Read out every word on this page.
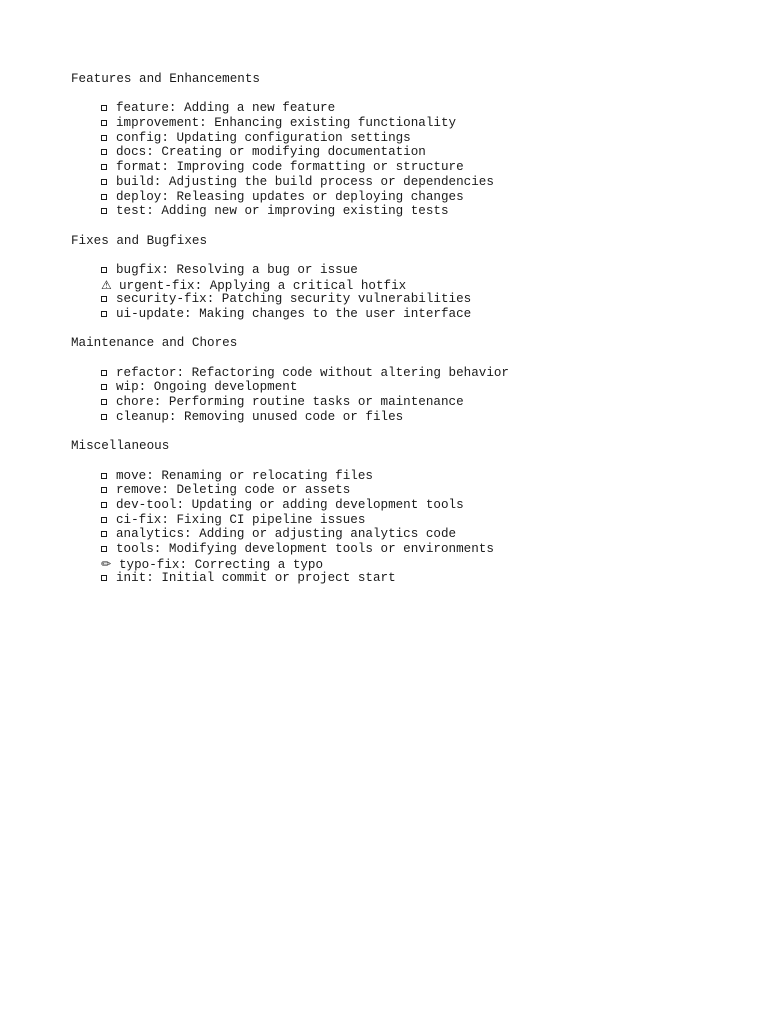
Features and Enhancements
feature: Adding a new feature
improvement: Enhancing existing functionality
config: Updating configuration settings
docs: Creating or modifying documentation
format: Improving code formatting or structure
build: Adjusting the build process or dependencies
deploy: Releasing updates or deploying changes
test: Adding new or improving existing tests
Fixes and Bugfixes
bugfix: Resolving a bug or issue
⚠ urgent-fix: Applying a critical hotfix
security-fix: Patching security vulnerabilities
ui-update: Making changes to the user interface
Maintenance and Chores
refactor: Refactoring code without altering behavior
wip: Ongoing development
chore: Performing routine tasks or maintenance
cleanup: Removing unused code or files
Miscellaneous
move: Renaming or relocating files
remove: Deleting code or assets
dev-tool: Updating or adding development tools
ci-fix: Fixing CI pipeline issues
analytics: Adding or adjusting analytics code
tools: Modifying development tools or environments
✏ typo-fix: Correcting a typo
init: Initial commit or project start
